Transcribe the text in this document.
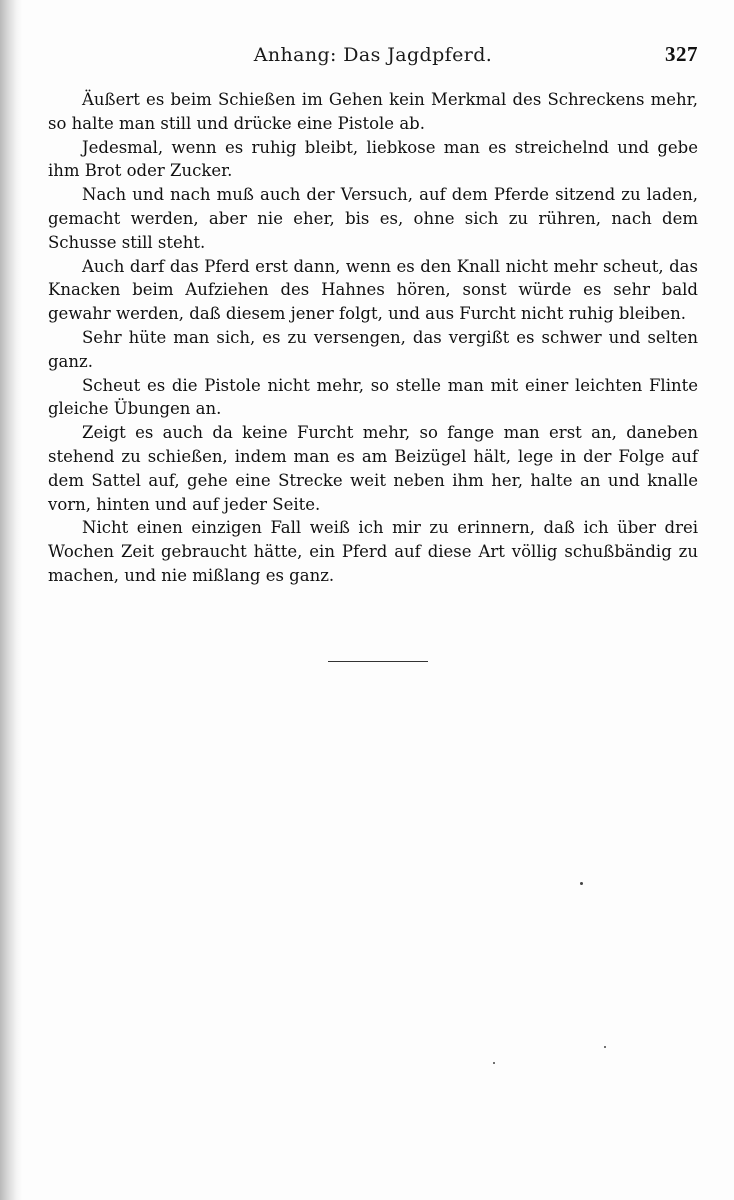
Anhang: Das Jagdpferd.	327

Äußert es beim Schießen im Gehen kein Merkmal des Schreckens mehr, so halte man still und drücke eine Pistole ab.

Jedesmal, wenn es ruhig bleibt, liebkose man es streichelnd und gebe ihm Brot oder Zucker.

Nach und nach muß auch der Versuch, auf dem Pferde sitzend zu laden, gemacht werden, aber nie eher, bis es, ohne sich zu rühren, nach dem Schusse still steht.

Auch darf das Pferd erst dann, wenn es den Knall nicht mehr scheut, das Knacken beim Aufziehen des Hahnes hören, sonst würde es sehr bald gewahr werden, daß diesem jener folgt, und aus Furcht nicht ruhig bleiben.

Sehr hüte man sich, es zu versengen, das vergißt es schwer und selten ganz.

Scheut es die Pistole nicht mehr, so stelle man mit einer leichten Flinte gleiche Übungen an.

Zeigt es auch da keine Furcht mehr, so fange man erst an, daneben stehend zu schießen, indem man es am Beizügel hält, lege in der Folge auf dem Sattel auf, gehe eine Strecke weit neben ihm her, halte an und knalle vorn, hinten und auf jeder Seite.

Nicht einen einzigen Fall weiß ich mir zu erinnern, daß ich über drei Wochen Zeit gebraucht hätte, ein Pferd auf diese Art völlig schußbändig zu machen, und nie mißlang es ganz.
